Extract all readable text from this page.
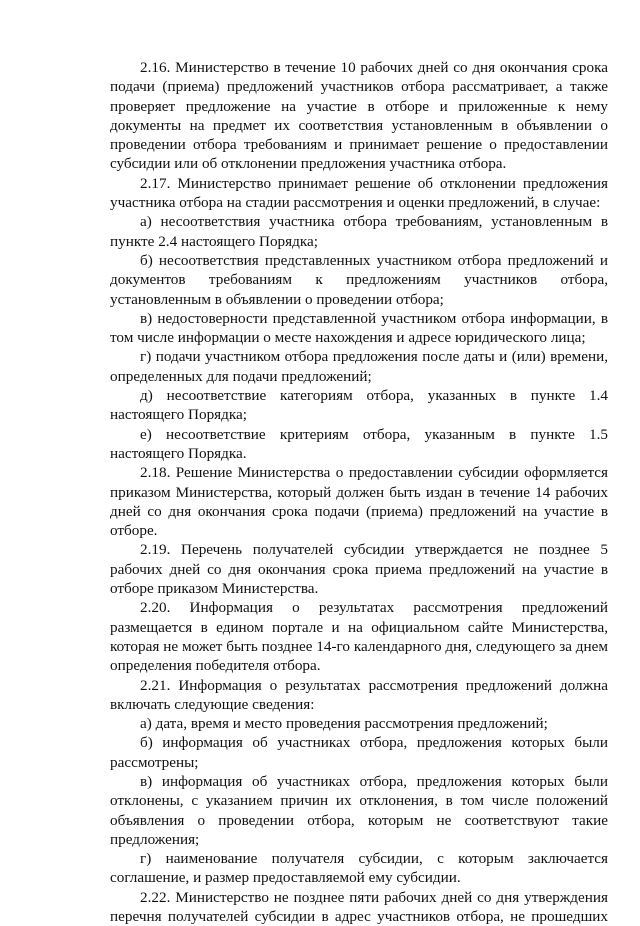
2.16. Министерство в течение 10 рабочих дней со дня окончания срока подачи (приема) предложений участников отбора рассматривает, а также проверяет предложение на участие в отборе и приложенные к нему документы на предмет их соответствия установленным в объявлении о проведении отбора требованиям и принимает решение о предоставлении субсидии или об отклонении предложения участника отбора.

2.17. Министерство принимает решение об отклонении предложения участника отбора на стадии рассмотрения и оценки предложений, в случае:

а) несоответствия участника отбора требованиям, установленным в пункте 2.4 настоящего Порядка;

б) несоответствия представленных участником отбора предложений и документов требованиям к предложениям участников отбора, установленным в объявлении о проведении отбора;

в) недостоверности представленной участником отбора информации, в том числе информации о месте нахождения и адресе юридического лица;

г) подачи участником отбора предложения после даты и (или) времени, определенных для подачи предложений;

д) несоответствие категориям отбора, указанных в пункте 1.4 настоящего Порядка;

е) несоответствие критериям отбора, указанным в пункте 1.5 настоящего Порядка.

2.18. Решение Министерства о предоставлении субсидии оформляется приказом Министерства, который должен быть издан в течение 14 рабочих дней со дня окончания срока подачи (приема) предложений на участие в отборе.

2.19. Перечень получателей субсидии утверждается не позднее 5 рабочих дней со дня окончания срока приема предложений на участие в отборе приказом Министерства.

2.20. Информация о результатах рассмотрения предложений размещается в едином портале и на официальном сайте Министерства, которая не может быть позднее 14-го календарного дня, следующего за днем определения победителя отбора.

2.21. Информация о результатах рассмотрения предложений должна включать следующие сведения:

а) дата, время и место проведения рассмотрения предложений;

б) информация об участниках отбора, предложения которых были рассмотрены;

в) информация об участниках отбора, предложения которых были отклонены, с указанием причин их отклонения, в том числе положений объявления о проведении отбора, которым не соответствуют такие предложения;

г) наименование получателя субсидии, с которым заключается соглашение, и размер предоставляемой ему субсидии.

2.22. Министерство не позднее пяти рабочих дней со дня утверждения перечня получателей субсидии в адрес участников отбора, не прошедших
